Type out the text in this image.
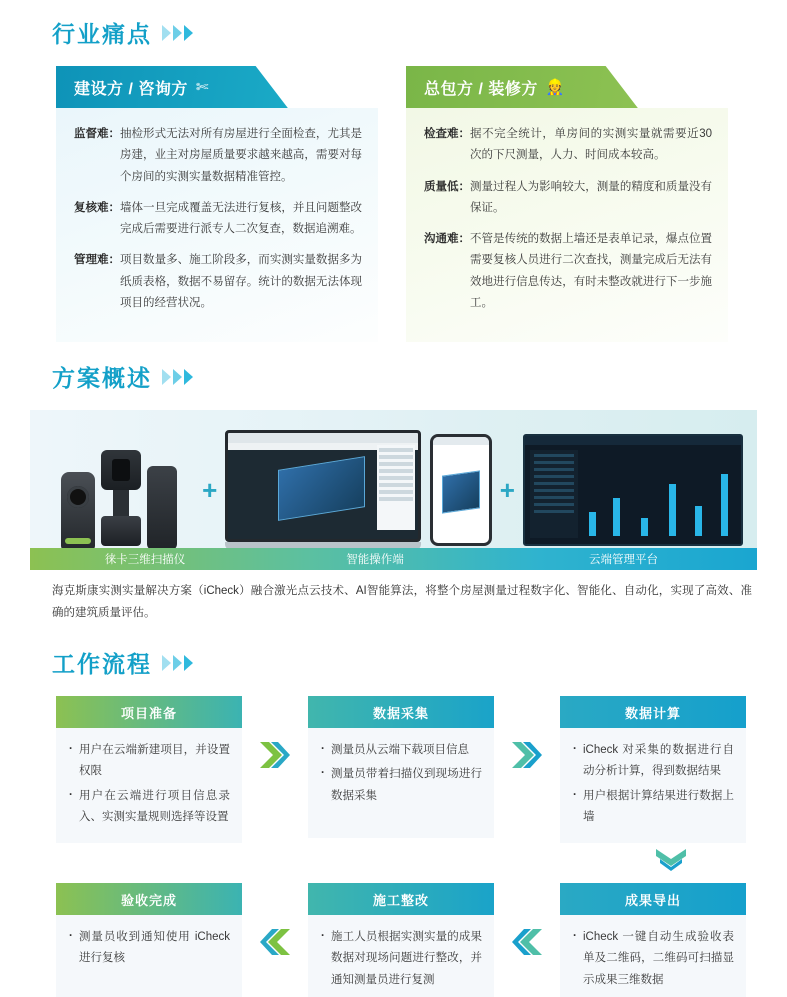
行业痛点
建设方 / 咨询方 ✄
监督难： 抽检形式无法对所有房屋进行全面检查，尤其是房建，业主对房屋质量要求越来越高，需要对每个房间的实测实量数据精准管控。
复核难： 墙体一旦完成覆盖无法进行复核，并且问题整改完成后需要进行派专人二次复查，数据追溯难。
管理难： 项目数量多、施工阶段多，而实测实量数据多为纸质表格，数据不易留存。统计的数据无法体现项目的经营状况。
总包方 / 装修方 👷
检查难： 据不完全统计，单房间的实测实量就需要近30次的下尺测量，人力、时间成本较高。
质量低： 测量过程人为影响较大，测量的精度和质量没有保证。
沟通难： 不管是传统的数据上墙还是表单记录，爆点位置需要复核人员进行二次查找，测量完成后无法有效地进行信息传达，有时未整改就进行下一步施工。
方案概述
+	+
徕卡三维扫描仪	智能操作端	云端管理平台
海克斯康实测实量解决方案（iCheck）融合激光点云技术、AI智能算法，将整个房屋测量过程数字化、智能化、自动化，实现了高效、准确的建筑质量评估。
工作流程
项目准备
· 用户在云端新建项目，并设置权限
· 用户在云端进行项目信息录入、实测实量规则选择等设置
数据采集
· 测量员从云端下载项目信息
· 测量员带着扫描仪到现场进行数据采集
数据计算
· iCheck 对采集的数据进行自动分析计算，得到数据结果
· 用户根据计算结果进行数据上墙
验收完成
· 测量员收到通知使用 iCheck 进行复核
施工整改
· 施工人员根据实测实量的成果数据对现场问题进行整改，并通知测量员进行复测
成果导出
· iCheck 一键自动生成验收表单及二维码，二维码可扫描显示成果三维数据
